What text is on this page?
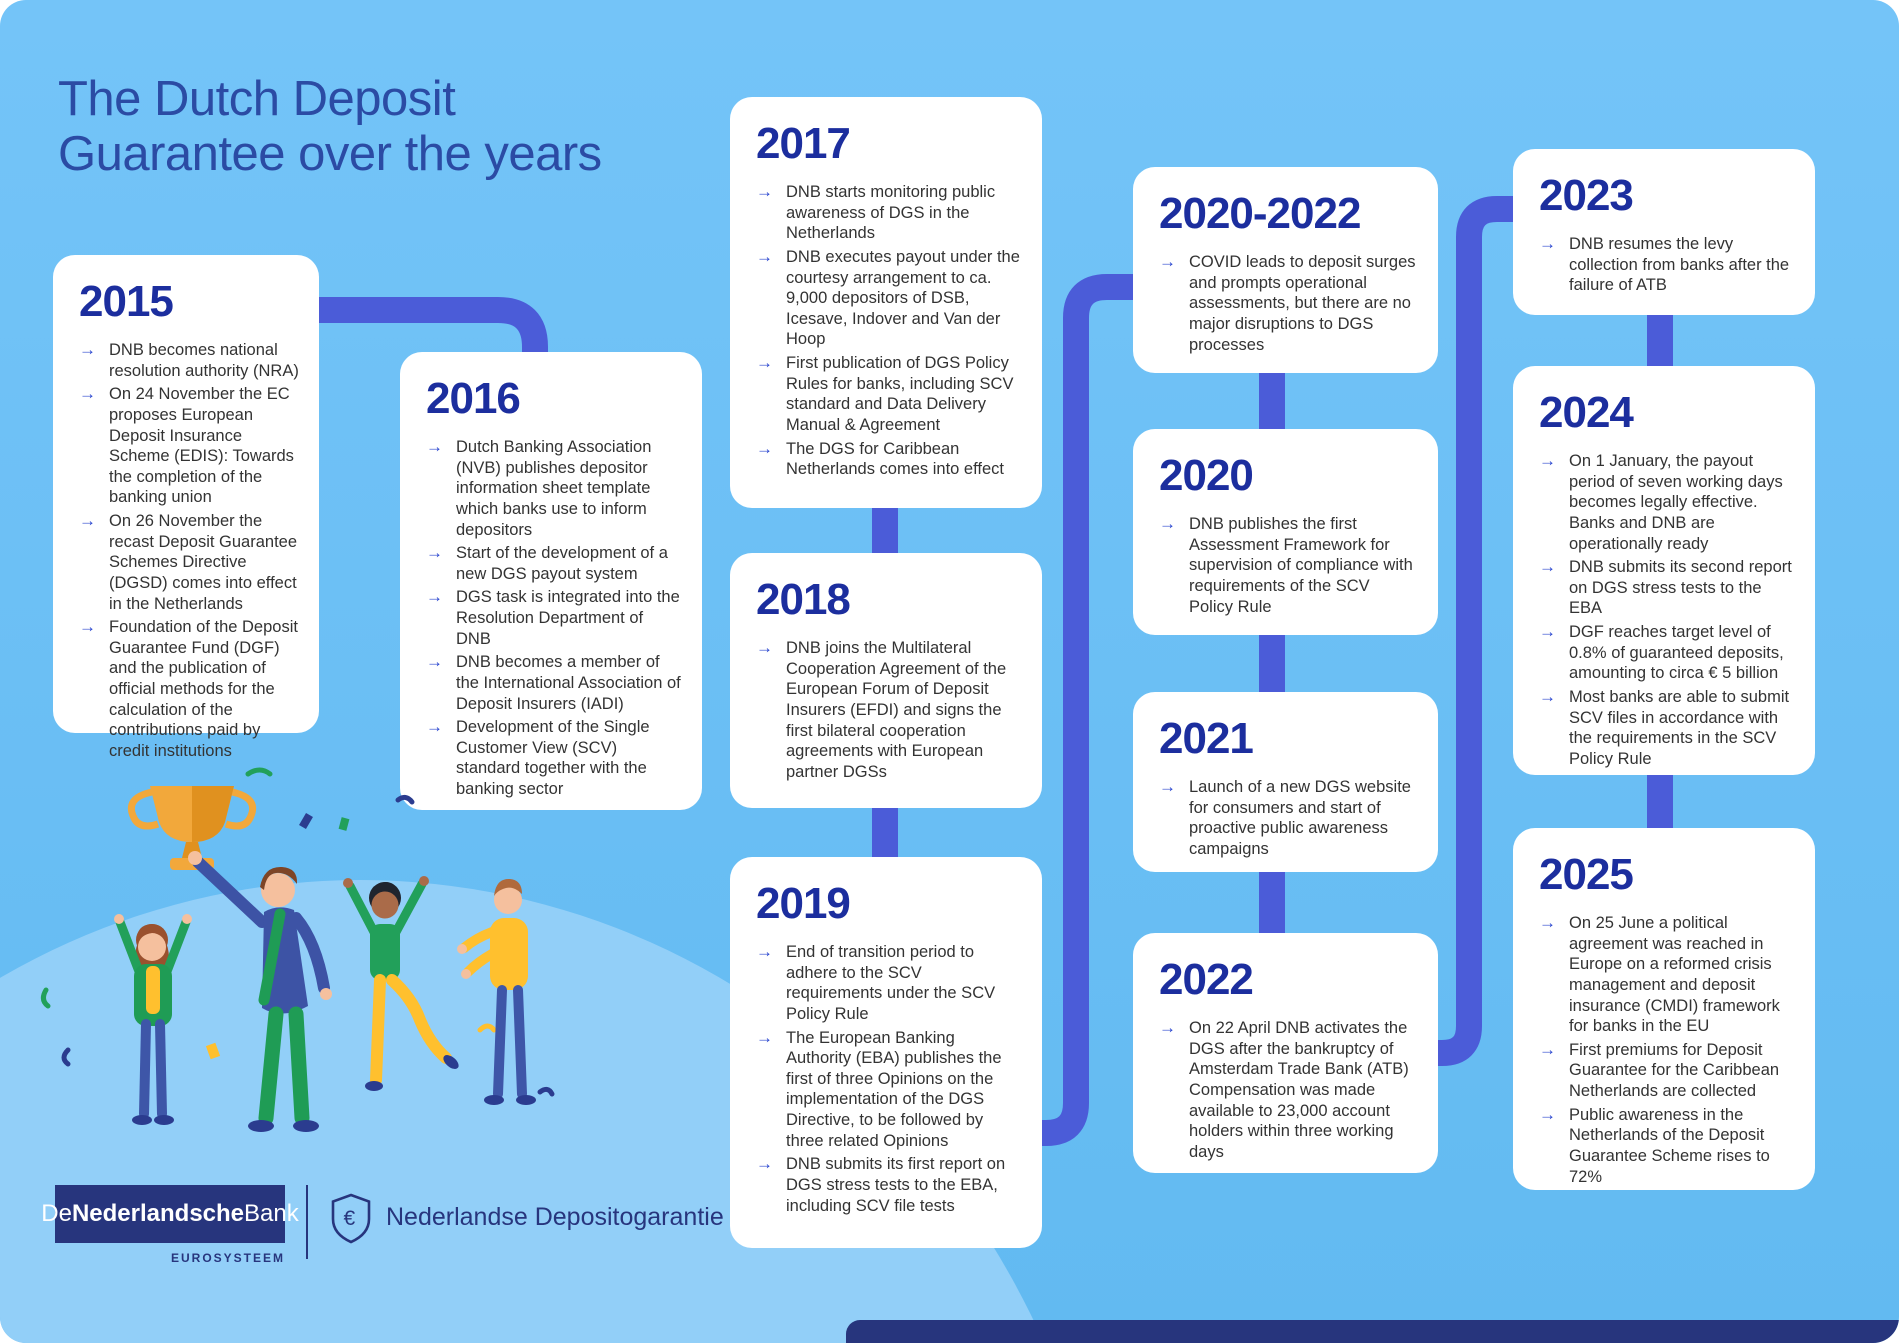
The Dutch Deposit
Guarantee over the years
2015
→ DNB becomes national resolution authority (NRA)
→ On 24 November the EC proposes European Deposit Insurance Scheme (EDIS): Towards the completion of the banking union
→ On 26 November the recast Deposit Guarantee Schemes Directive (DGSD) comes into effect in the Netherlands
→ Foundation of the Deposit Guarantee Fund (DGF) and the publication of official methods for the calculation of the contributions paid by credit institutions
2016
→ Dutch Banking Association (NVB) publishes depositor information sheet template which banks use to inform depositors
→ Start of the development of a new DGS payout system
→ DGS task is integrated into the Resolution Department of DNB
→ DNB becomes a member of the International Association of Deposit Insurers (IADI)
→ Development of the Single Customer View (SCV) standard together with the banking sector
2017
→ DNB starts monitoring public awareness of DGS in the Netherlands
→ DNB executes payout under the courtesy arrangement to ca. 9,000 depositors of DSB, Icesave, Indover and Van der Hoop
→ First publication of DGS Policy Rules for banks, including SCV standard and Data Delivery Manual & Agreement
→ The DGS for Caribbean Netherlands comes into effect
2018
→ DNB joins the Multilateral Cooperation Agreement of the European Forum of Deposit Insurers (EFDI) and signs the first bilateral cooperation agreements with European partner DGSs
2019
→ End of transition period to adhere to the SCV requirements under the SCV Policy Rule
→ The European Banking Authority (EBA) publishes the first of three Opinions on the implementation of the DGS Directive, to be followed by three related Opinions
→ DNB submits its first report on DGS stress tests to the EBA, including SCV file tests
2020-2022
→ COVID leads to deposit surges and prompts operational assessments, but there are no major disruptions to DGS processes
2020
→ DNB publishes the first Assessment Framework for supervision of compliance with requirements of the SCV Policy Rule
2021
→ Launch of a new DGS website for consumers and start of proactive public awareness campaigns
2022
→ On 22 April DNB activates the DGS after the bankruptcy of Amsterdam Trade Bank (ATB) Compensation was made available to 23,000 account holders within three working days
2023
→ DNB resumes the levy collection from banks after the failure of ATB
2024
→ On 1 January, the payout period of seven working days becomes legally effective. Banks and DNB are operationally ready
→ DNB submits its second report on DGS stress tests to the EBA
→ DGF reaches target level of 0.8% of guaranteed deposits, amounting to circa € 5 billion
→ Most banks are able to submit SCV files in accordance with the requirements in the SCV Policy Rule
2025
→ On 25 June a political agreement was reached in Europe on a reformed crisis management and deposit insurance (CMDI) framework for banks in the EU
→ First premiums for Deposit Guarantee for the Caribbean Netherlands are collected
→ Public awareness in the Netherlands of the Deposit Guarantee Scheme rises to 72%
DeNederlandscheBank
EUROSYSTEEM
€ Nederlandse Depositogarantie
